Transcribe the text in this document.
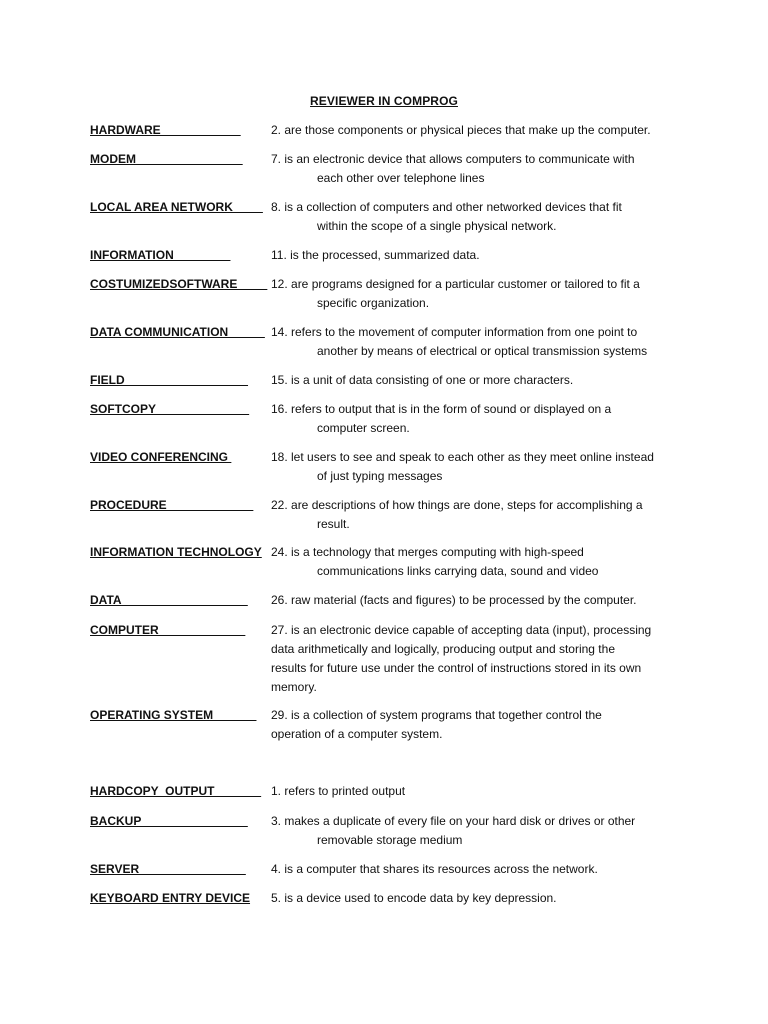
REVIEWER IN COMPROG
HARDWARE	2. are those components or physical pieces that make up the computer.
MODEM 7. is an electronic device that allows computers to communicate with
each other over telephone lines
LOCAL AREA NETWORK 8. is a collection of computers and other networked devices that fit
within the scope of a single physical network.
INFORMATION	11. is the processed, summarized data.
COSTUMIZEDSOFTWARE 12. are programs designed for a particular customer or tailored to fit a
specific organization.
DATA COMMUNICATION 14. refers to the movement of computer information from one point to
another by means of electrical or optical transmission systems
FIELD 15. is a unit of data consisting of one or more characters.
SOFTCOPY 16. refers to output that is in the form of sound or displayed on a
computer screen.
VIDEO CONFERENCING	18. let users to see and speak to each other as they meet online instead
of just typing messages
PROCEDURE 22. are descriptions of how things are done, steps for accomplishing a
result.
INFORMATION TECHNOLOGY 24. is a technology that merges computing with high-speed
communications links carrying data, sound and video
DATA 26. raw material (facts and figures) to be processed by the computer.
COMPUTER 27. is an electronic device capable of accepting data (input), processing
data arithmetically and logically, producing output and storing the
results for future use under the control of instructions stored in its own
memory.
OPERATING SYSTEM 29. is a collection of system programs that together control the
operation of a computer system.
HARDCOPY  OUTPUT 1. refers to printed output
BACKUP 3. makes a duplicate of every file on your hard disk or drives or other
removable storage medium
SERVER 4. is a computer that shares its resources across the network.
KEYBOARD ENTRY DEVICE 5. is a device used to encode data by key depression.
